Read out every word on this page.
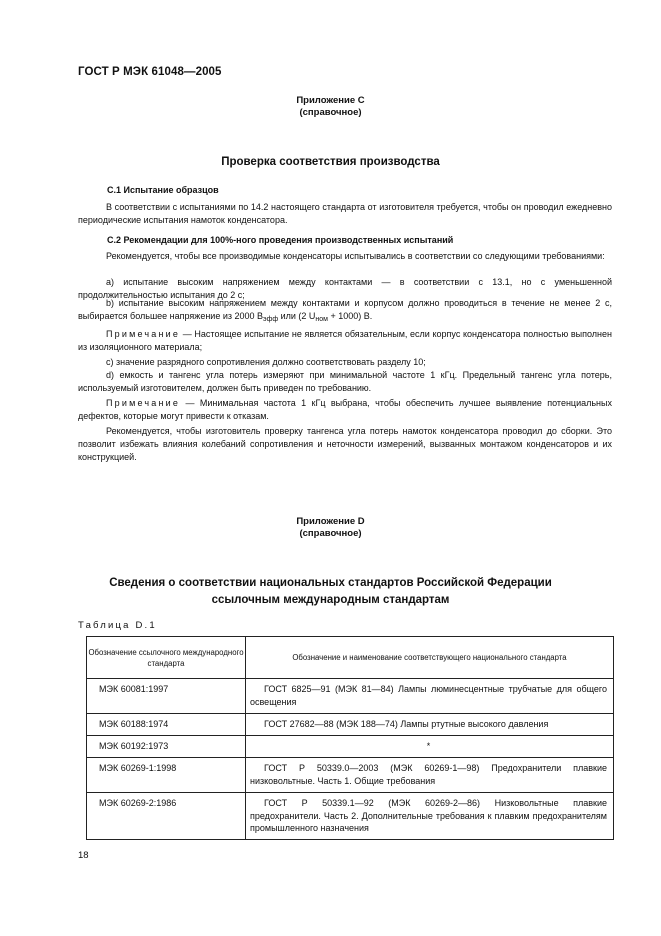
ГОСТ Р МЭК 61048—2005
Приложение С
(справочное)
Проверка соответствия производства
С.1 Испытание образцов

В соответствии с испытаниями по 14.2 настоящего стандарта от изготовителя требуется, чтобы он проводил ежедневно периодические испытания намоток конденсатора.

С.2 Рекомендации для 100%-ного проведения производственных испытаний

Рекомендуется, чтобы все производимые конденсаторы испытывались в соответствии со следующими требованиями:

a) испытание высоким напряжением между контактами — в соответствии с 13.1, но с уменьшенной продолжительностью испытания до 2 с;

b) испытание высоким напряжением между контактами и корпусом должно проводиться в течение не менее 2 с, выбирается большее напряжение из 2000 $В_{эфф}$ или (2 $U_{ном} + 1000$) В.

Примечание — Настоящее испытание не является обязательным, если корпус конденсатора полностью выполнен из изоляционного материала;

c) значение разрядного сопротивления должно соответствовать разделу 10;

d) емкость и тангенс угла потерь измеряют при минимальной частоте 1 кГц. Предельный тангенс угла потерь, используемый изготовителем, должен быть приведен по требованию.

Примечание — Минимальная частота 1 кГц выбрана, чтобы обеспечить лучшее выявление потенциальных дефектов, которые могут привести к отказам.

Рекомендуется, чтобы изготовитель проверку тангенса угла потерь намоток конденсатора проводил до сборки. Это позволит избежать влияния колебаний сопротивления и неточности измерений, вызванных монтажом конденсаторов и их конструкцией.

Приложение D
(справочное)
Сведения о соответствии национальных стандартов Российской Федерации
ссылочным международным стандартам
Таблица D.1
Обозначение ссылочного международного стандарта	Обозначение и наименование соответствующего национального стандарта
МЭК 60081:1997	ГОСТ 6825—91 (МЭК 81—84) Лампы люминесцентные трубчатые для общего освещения
МЭК 60188:1974	ГОСТ 27682—88 (МЭК 188—74) Лампы ртутные высокого давления
МЭК 60192:1973	*
МЭК 60269-1:1998	ГОСТ Р 50339.0—2003 (МЭК 60269-1—98) Предохранители плавкие низковольтные. Часть 1. Общие требования
МЭК 60269-2:1986	ГОСТ Р 50339.1—92 (МЭК 60269-2—86) Низковольтные плавкие предохранители. Часть 2. Дополнительные требования к плавким предохранителям промышленного назначения
18
